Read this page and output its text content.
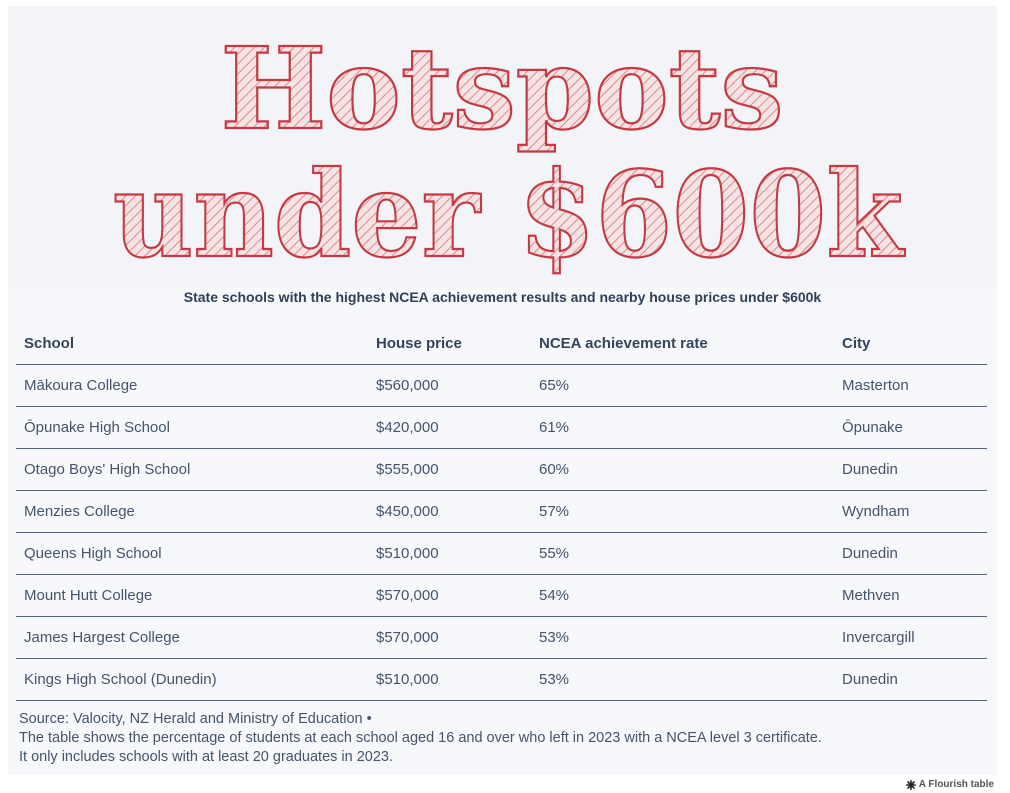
Hotspots
under $600k
State schools with the highest NCEA achievement results and nearby house prices under $600k
School	House price	NCEA achievement rate	City
Mākoura College	$560,000	65%	Masterton
Ōpunake High School	$420,000	61%	Ōpunake
Otago Boys' High School	$555,000	60%	Dunedin
Menzies College	$450,000	57%	Wyndham
Queens High School	$510,000	55%	Dunedin
Mount Hutt College	$570,000	54%	Methven
James Hargest College	$570,000	53%	Invercargill
Kings High School (Dunedin)	$510,000	53%	Dunedin
Source: Valocity, NZ Herald and Ministry of Education •
The table shows the percentage of students at each school aged 16 and over who left in 2023 with a NCEA level 3 certificate.
It only includes schools with at least 20 graduates in 2023.
A Flourish table
